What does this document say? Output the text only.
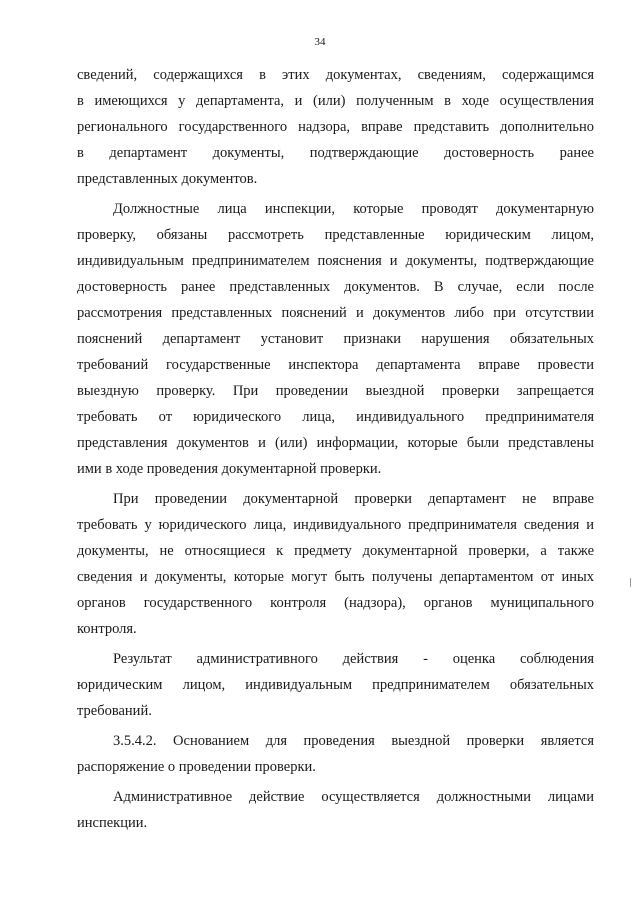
34
сведений, содержащихся в этих документах, сведениям, содержащимся
в имеющихся у департамента, и (или) полученным в ходе осуществления
регионального государственного надзора, вправе представить дополнительно
в департамент документы, подтверждающие достоверность ранее
представленных документов.
Должностные лица инспекции, которые проводят документарную
проверку, обязаны рассмотреть представленные юридическим лицом,
индивидуальным предпринимателем пояснения и документы, подтверждающие
достоверность ранее представленных документов. В случае, если после
рассмотрения представленных пояснений и документов либо при отсутствии
пояснений департамент установит признаки нарушения обязательных
требований государственные инспектора департамента вправе провести
выездную проверку. При проведении выездной проверки запрещается
требовать от юридического лица, индивидуального предпринимателя
представления документов и (или) информации, которые были представлены
ими в ходе проведения документарной проверки.
При проведении документарной проверки департамент не вправе
требовать у юридического лица, индивидуального предпринимателя сведения и
документы, не относящиеся к предмету документарной проверки, а также
сведения и документы, которые могут быть получены департаментом от иных
органов государственного контроля (надзора), органов муниципального
контроля.
Результат административного действия - оценка соблюдения
юридическим лицом, индивидуальным предпринимателем обязательных
требований.
3.5.4.2. Основанием для проведения выездной проверки является
распоряжение о проведении проверки.
Административное действие осуществляется должностными лицами
инспекции.
